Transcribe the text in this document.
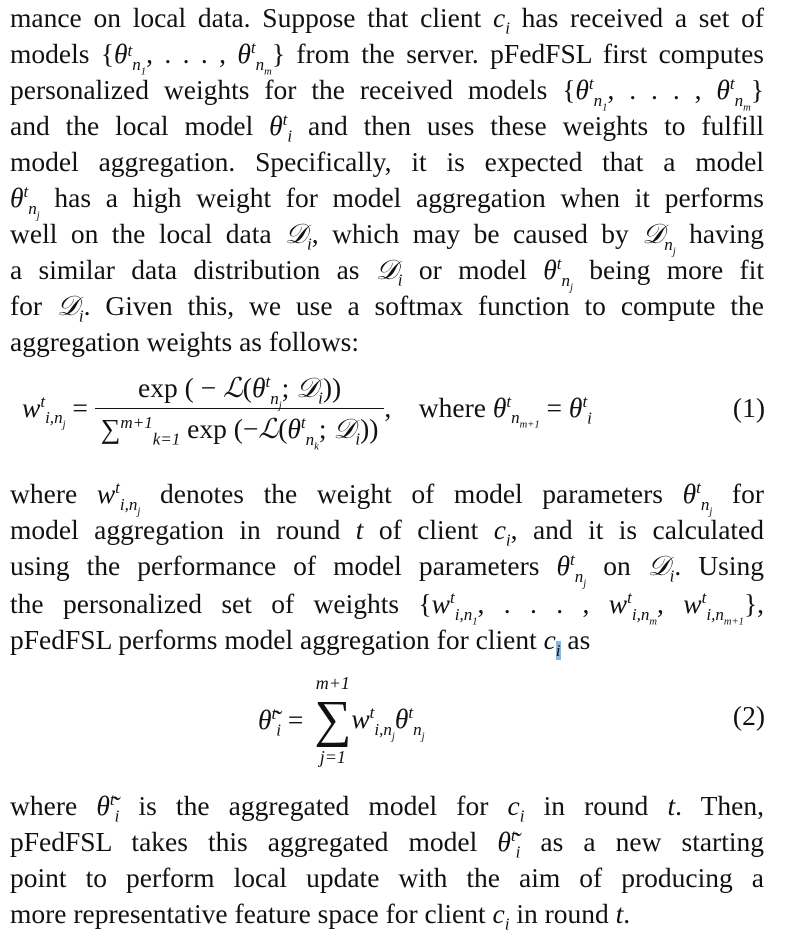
mance on local data. Suppose that client $c_i$ has received a set of
models {$\theta^t_{n_1}$, . . . , $\theta^t_{n_m}$} from the server. pFedFSL first computes
personalized weights for the received models {$\theta^t_{n_1}$, . . . , $\theta^t_{n_m}$}
and the local model $\theta^t_i$ and then uses these weights to fulfill
model aggregation. Specifically, it is expected that a model
$\theta^t_{n_j}$ has a high weight for model aggregation when it performs
well on the local data 𝒟$_i$, which may be caused by 𝒟$_{n_j}$ having
a similar data distribution as 𝒟$_i$ or model $\theta^t_{n_j}$ being more fit
for 𝒟$_i$. Given this, we use a softmax function to compute the
aggregation weights as follows:
$w^t_{i,n_j} = \frac{\exp ( - ℒ(\theta^t_{n_j}; 𝒟_i))}{\sum^{m+1}_{k=1} \exp (-ℒ(\theta^t_{n_k}; 𝒟_i))}$ ,    where $\theta^t_{n_{m+1}} = \theta^t_i$	(1)
where $w^t_{i,n_j}$ denotes the weight of model parameters $\theta^t_{n_j}$ for
model aggregation in round t of client $c_i$, and it is calculated
using the performance of model parameters $\theta^t_{n_j}$ on 𝒟$_i$. Using
the personalized set of weights {$w^t_{i,n_1}$, . . . , $w^t_{i,n_m}$, $w^t_{i,n_{m+1}}$},
pFedFSL performs model aggregation for client $c_i$ as
θ̃$^t_i$ =
m+1
∑
j=1
$w^t_{i,n_j}\theta^t_{n_j}$
(2)
where θ̃$^t_i$ is the aggregated model for $c_i$ in round t. Then,
pFedFSL takes this aggregated model θ̃$^t_i$ as a new starting
point to perform local update with the aim of producing a
more representative feature space for client $c_i$ in round t.
